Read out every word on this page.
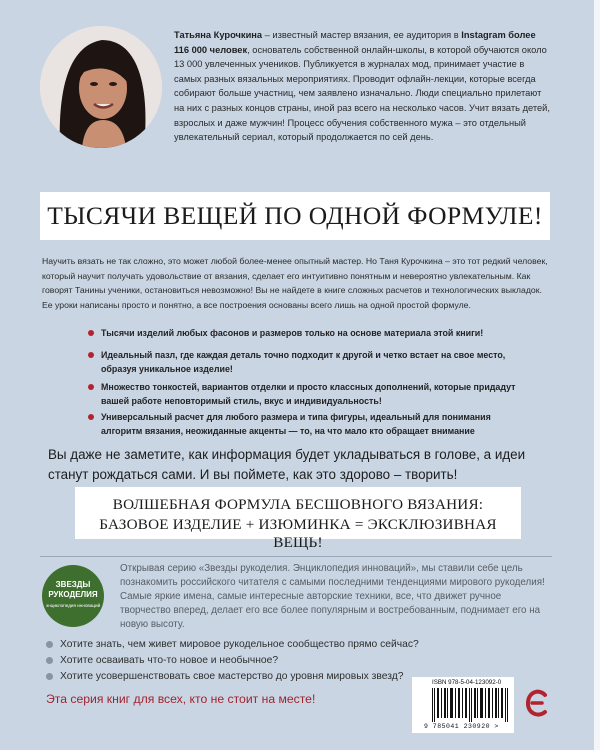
Татьяна Курочкина – известный мастер вязания, ее аудитория в Instagram более 116 000 человек, основатель собственной онлайн-школы, в которой обучаются около 13 000 увлеченных учеников. Публикуется в журналах мод, принимает участие в самых разных вязальных мероприятиях. Проводит офлайн-лекции, которые всегда собирают больше участниц, чем заявлено изначально. Люди специально прилетают на них с разных концов страны, иной раз всего на несколько часов. Учит вязать детей, взрослых и даже мужчин! Процесс обучения собственного мужа – это отдельный увлекательный сериал, который продолжается по сей день.
ТЫСЯЧИ ВЕЩЕЙ ПО ОДНОЙ ФОРМУЛЕ!
Научить вязать не так сложно, это может любой более-менее опытный мастер. Но Таня Курочкина – это тот редкий человек, который научит получать удовольствие от вязания, сделает его интуитивно понятным и невероятно увлекательным. Как говорят Танины ученики, остановиться невозможно! Вы не найдете в книге сложных расчетов и технологических выкладок. Ее уроки написаны просто и понятно, а все построения основаны всего лишь на одной простой формуле.
Тысячи изделий любых фасонов и размеров только на основе материала этой книги!
Идеальный пазл, где каждая деталь точно подходит к другой и четко встает на свое место, образуя уникальное изделие!
Множество тонкостей, вариантов отделки и просто классных дополнений, которые придадут вашей работе неповторимый стиль, вкус и индивидуальность!
Универсальный расчет для любого размера и типа фигуры, идеальный для понимания алгоритм вязания, неожиданные акценты — то, на что мало кто обращает внимание
Вы даже не заметите, как информация будет укладываться в голове, а идеи станут рождаться сами. И вы поймете, как это здорово – творить!
ВОЛШЕБНАЯ ФОРМУЛА БЕСШОВНОГО ВЯЗАНИЯ:
БАЗОВОЕ ИЗДЕЛИЕ + ИЗЮМИНКА = ЭКСКЛЮЗИВНАЯ ВЕЩЬ!
ЗВЕЗДЫ
РУКОДЕЛИЯ
энциклопедия инноваций
Открывая серию «Звезды рукоделия. Энциклопедия инноваций», мы ставили себе цель познакомить российского читателя с самыми последними тенденциями мирового рукоделия! Самые яркие имена, самые интересные авторские техники, все, что движет ручное творчество вперед, делает его все более популярным и востребованным, поднимает его на новую высоту.
Хотите знать, чем живет мировое рукодельное сообщество прямо сейчас?
Хотите осваивать что-то новое и необычное?
Хотите усовершенствовать свое мастерство до уровня мировых звезд?
Эта серия книг для всех, кто не стоит на месте!
ISBN 978-5-04-123092-0
9 785041 230920 >
